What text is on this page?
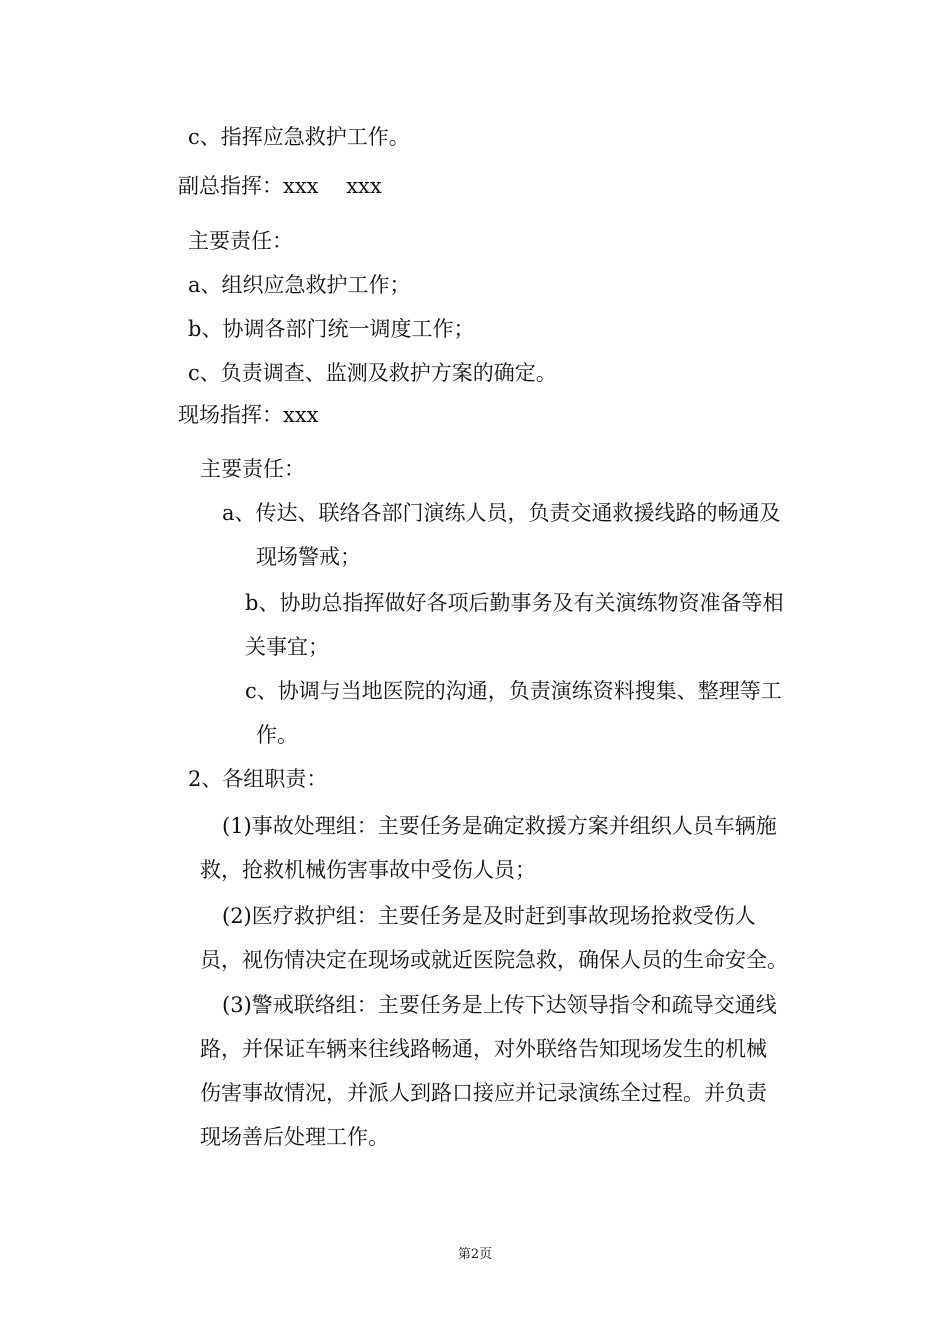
c、指挥应急救护工作。
副总指挥：xxx　 xxx
主要责任：
a、组织应急救护工作；
b、协调各部门统一调度工作；
c、负责调查、监测及救护方案的确定。
现场指挥：xxx
主要责任：
a、传达、联络各部门演练人员，负责交通救援线路的畅通及
现场警戒；
b、协助总指挥做好各项后勤事务及有关演练物资准备等相
关事宜；
c、协调与当地医院的沟通，负责演练资料搜集、整理等工
作。
2、各组职责：
(1)事故处理组：主要任务是确定救援方案并组织人员车辆施
救，抢救机械伤害事故中受伤人员；
(2)医疗救护组：主要任务是及时赶到事故现场抢救受伤人
员，视伤情决定在现场或就近医院急救，确保人员的生命安全。
(3)警戒联络组：主要任务是上传下达领导指令和疏导交通线
路，并保证车辆来往线路畅通，对外联络告知现场发生的机械
伤害事故情况，并派人到路口接应并记录演练全过程。并负责
现场善后处理工作。
第2页
